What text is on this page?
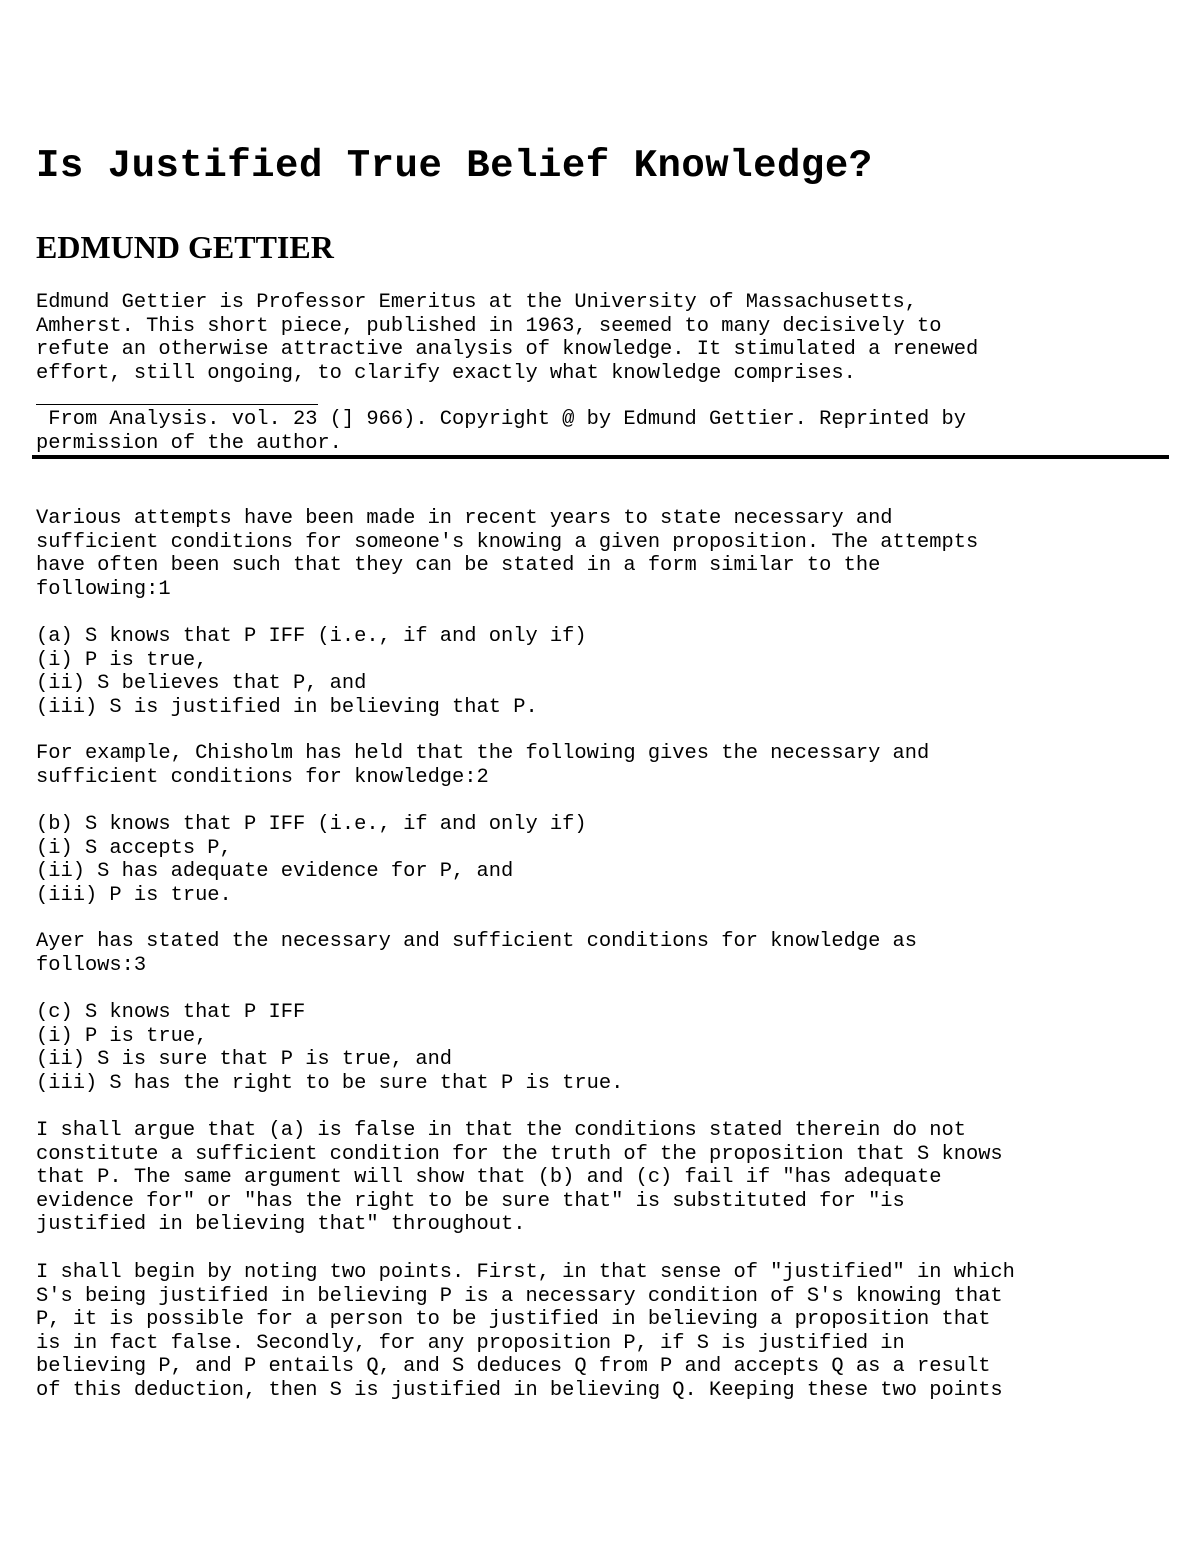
Is Justified True Belief Knowledge?
EDMUND GETTIER
Edmund Gettier is Professor Emeritus at the University of Massachusetts,
Amherst. This short piece, published in 1963, seemed to many decisively to
refute an otherwise attractive analysis of knowledge. It stimulated a renewed
effort, still ongoing, to clarify exactly what knowledge comprises.
From Analysis. vol. 23 (] 966). Copyright @ by Edmund Gettier. Reprinted by
permission of the author.
Various attempts have been made in recent years to state necessary and
sufficient conditions for someone's knowing a given proposition. The attempts
have often been such that they can be stated in a form similar to the
following:1
(a) S knows that P IFF (i.e., if and only if)
(i) P is true,
(ii) S believes that P, and
(iii) S is justified in believing that P.
For example, Chisholm has held that the following gives the necessary and
sufficient conditions for knowledge:2
(b) S knows that P IFF (i.e., if and only if)
(i) S accepts P,
(ii) S has adequate evidence for P, and
(iii) P is true.
Ayer has stated the necessary and sufficient conditions for knowledge as
follows:3
(c) S knows that P IFF
(i) P is true,
(ii) S is sure that P is true, and
(iii) S has the right to be sure that P is true.
I shall argue that (a) is false in that the conditions stated therein do not
constitute a sufficient condition for the truth of the proposition that S knows
that P. The same argument will show that (b) and (c) fail if "has adequate
evidence for" or "has the right to be sure that" is substituted for "is
justified in believing that" throughout.
I shall begin by noting two points. First, in that sense of "justified" in which
S's being justified in believing P is a necessary condition of S's knowing that
P, it is possible for a person to be justified in believing a proposition that
is in fact false. Secondly, for any proposition P, if S is justified in
believing P, and P entails Q, and S deduces Q from P and accepts Q as a result
of this deduction, then S is justified in believing Q. Keeping these two points
